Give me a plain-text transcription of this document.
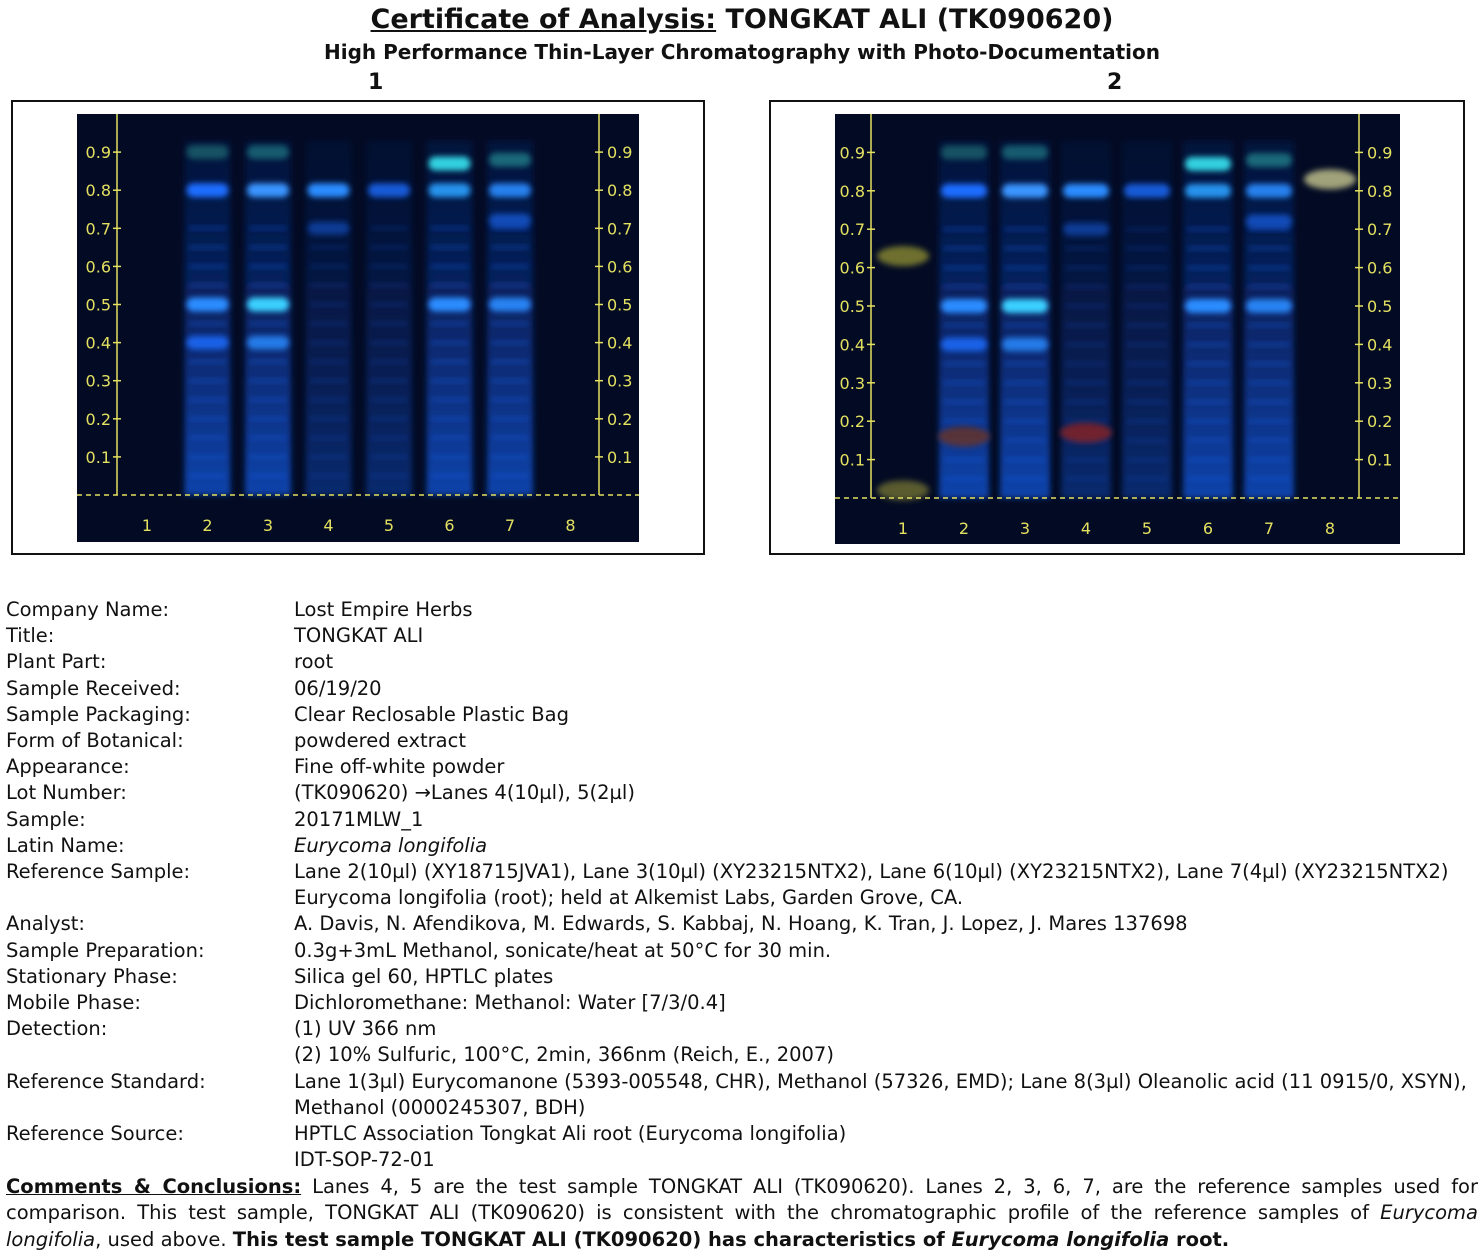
Certificate of Analysis: TONGKAT ALI (TK090620)
High Performance Thin-Layer Chromatography with Photo-Documentation
1	2
0.9	0.9
0.8	0.8
0.7	0.7
0.6	0.6
0.5	0.5
0.4	0.4
0.3	0.3
0.2	0.2
0.1	0.1
1	2	3	4	5	6	7	8
0.9	0.9
0.8	0.8
0.7	0.7
0.6	0.6
0.5	0.5
0.4	0.4
0.3	0.3
0.2	0.2
0.1	0.1
1	2	3	4	5	6	7	8
Company Name:	Lost Empire Herbs
Title:	TONGKAT ALI
Plant Part:	root
Sample Received:	06/19/20
Sample Packaging:	Clear Reclosable Plastic Bag
Form of Botanical:	powdered extract
Appearance:	Fine off-white powder
Lot Number:	(TK090620) →Lanes 4(10µl), 5(2µl)
Sample:	20171MLW_1
Latin Name:	Eurycoma longifolia
Reference Sample:	Lane 2(10µl) (XY18715JVA1), Lane 3(10µl) (XY23215NTX2), Lane 6(10µl) (XY23215NTX2), Lane 7(4µl) (XY23215NTX2)
Eurycoma longifolia (root); held at Alkemist Labs, Garden Grove, CA.
Analyst:	A. Davis, N. Afendikova, M. Edwards, S. Kabbaj, N. Hoang, K. Tran, J. Lopez, J. Mares 137698
Sample Preparation:	0.3g+3mL Methanol, sonicate/heat at 50°C for 30 min.
Stationary Phase:	Silica gel 60, HPTLC plates
Mobile Phase:	Dichloromethane: Methanol: Water [7/3/0.4]
Detection:	(1) UV 366 nm
(2) 10% Sulfuric, 100°C, 2min, 366nm (Reich, E., 2007)
Reference Standard:	Lane 1(3µl) Eurycomanone (5393-005548, CHR), Methanol (57326, EMD); Lane 8(3µl) Oleanolic acid (11 0915/0, XSYN), Methanol (0000245307, BDH)
Reference Source:	HPTLC Association Tongkat Ali root (Eurycoma longifolia)
IDT-SOP-72-01
Comments & Conclusions: Lanes 4, 5 are the test sample TONGKAT ALI (TK090620). Lanes 2, 3, 6, 7, are the reference samples used for comparison. This test sample, TONGKAT ALI (TK090620) is consistent with the chromatographic profile of the reference samples of Eurycoma longifolia, used above. This test sample TONGKAT ALI (TK090620) has characteristics of Eurycoma longifolia root.
